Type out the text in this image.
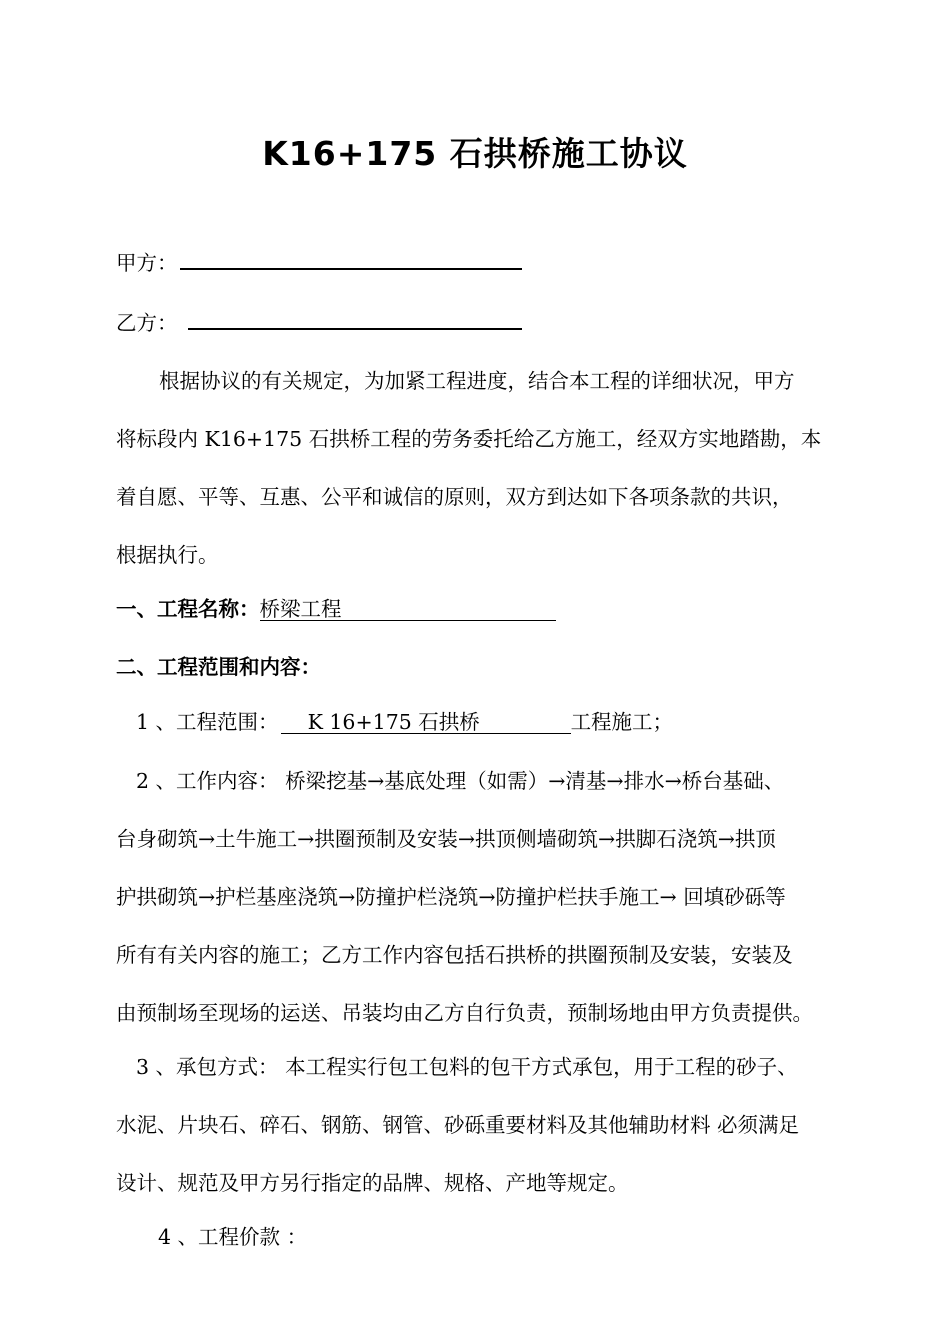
K16+175 石拱桥施工协议
甲方：
乙方：
根据协议的有关规定，为加紧工程进度，结合本工程的详细状况，甲方
将标段内 K16+175 石拱桥工程的劳务委托给乙方施工，经双方实地踏勘，本
着自愿、平等、互惠、公平和诚信的原则，双方到达如下各项条款的共识，
根据执行。
一、工程名称：桥梁工程
二、工程范围和内容：
1 、工程范围： K 16+175 石拱桥	工程施工；
2 、工作内容： 桥梁挖基→基底处理（如需）→清基→排水→桥台基础、
台身砌筑→土牛施工→拱圈预制及安装→拱顶侧墙砌筑→拱脚石浇筑→拱顶
护拱砌筑→护栏基座浇筑→防撞护栏浇筑→防撞护栏扶手施工→ 回填砂砾等
所有有关内容的施工；乙方工作内容包括石拱桥的拱圈预制及安装，安装及
由预制场至现场的运送、吊装均由乙方自行负责，预制场地由甲方负责提供。
3 、承包方式： 本工程实行包工包料的包干方式承包，用于工程的砂子、
水泥、片块石、碎石、钢筋、钢管、砂砾重要材料及其他辅助材料 必须满足
设计、规范及甲方另行指定的品牌、规格、产地等规定。
4 、工程价款 ：
